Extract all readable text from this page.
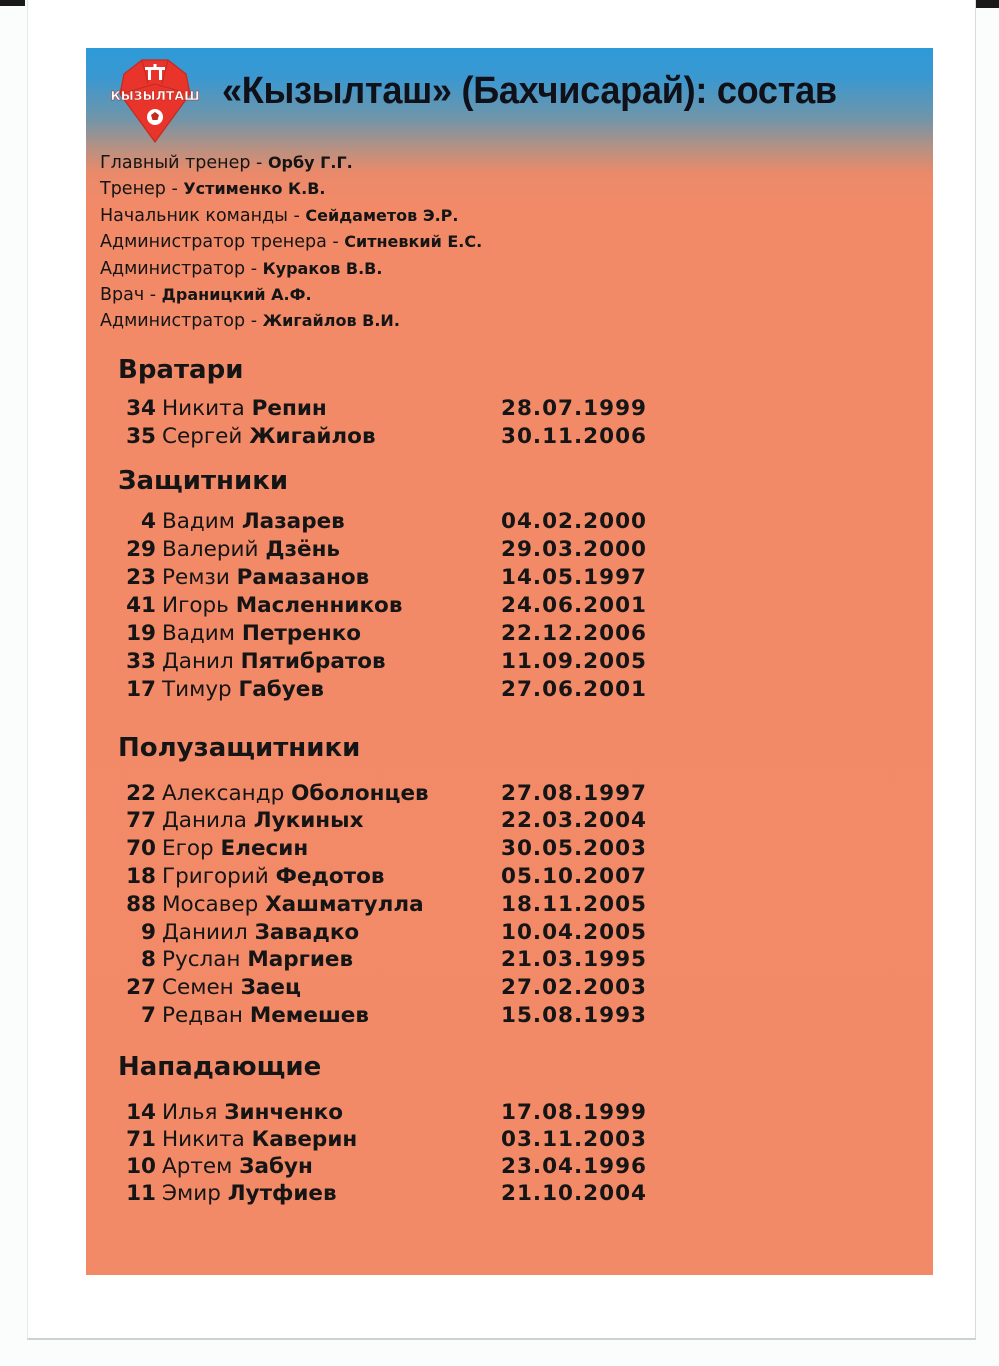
КЫЗЫЛТАШ «Кызылташ» (Бахчисарай): состав
Главный тренер - Орбу Г.Г.
Тренер - Устименко К.В.
Начальник команды - Сейдаметов Э.Р.
Администратор тренера - Ситневкий Е.С.
Администратор - Кураков В.В.
Врач - Драницкий А.Ф.
Администратор - Жигайлов В.И.
Вратари
34 Никита Репин	28.07.1999
35 Сергей Жигайлов	30.11.2006
Защитники
4 Вадим Лазарев	04.02.2000
29 Валерий Дзёнь	29.03.2000
23 Ремзи Рамазанов	14.05.1997
41 Игорь Масленников	24.06.2001
19 Вадим Петренко	22.12.2006
33 Данил Пятибратов	11.09.2005
17 Тимур Габуев	27.06.2001
Полузащитники
22 Александр Оболонцев	27.08.1997
77 Данила Лукиных	22.03.2004
70 Егор Елесин	30.05.2003
18 Григорий Федотов	05.10.2007
88 Мосавер Хашматулла	18.11.2005
9 Даниил Завадко	10.04.2005
8 Руслан Маргиев	21.03.1995
27 Семен Заец	27.02.2003
7 Редван Мемешев	15.08.1993
Нападающие
14 Илья Зинченко	17.08.1999
71 Никита Каверин	03.11.2003
10 Артем Забун	23.04.1996
11 Эмир Лутфиев	21.10.2004
